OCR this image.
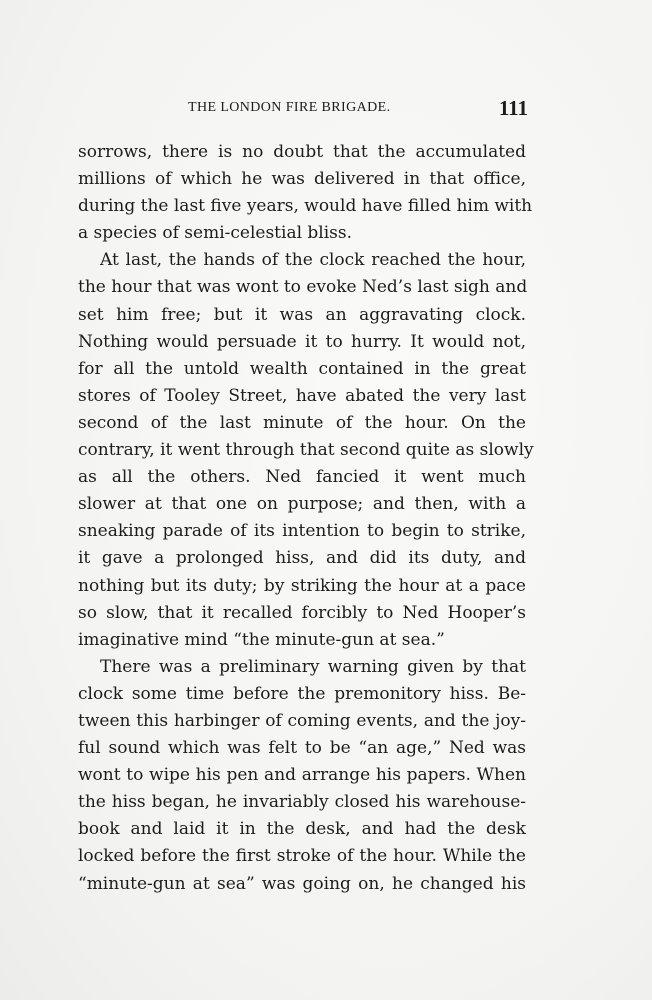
THE LONDON FIRE BRIGADE.	111
sorrows, there is no doubt that the accumulated
millions of which he was delivered in that office,
during the last five years, would have filled him with
a species of semi-celestial bliss.
At last, the hands of the clock reached the hour,
the hour that was wont to evoke Ned’s last sigh and
set him free; but it was an aggravating clock.
Nothing would persuade it to hurry. It would not,
for all the untold wealth contained in the great
stores of Tooley Street, have abated the very last
second of the last minute of the hour. On the
contrary, it went through that second quite as slowly
as all the others. Ned fancied it went much
slower at that one on purpose; and then, with a
sneaking parade of its intention to begin to strike,
it gave a prolonged hiss, and did its duty, and
nothing but its duty; by striking the hour at a pace
so slow, that it recalled forcibly to Ned Hooper’s
imaginative mind “the minute-gun at sea.”
There was a preliminary warning given by that
clock some time before the premonitory hiss. Be-
tween this harbinger of coming events, and the joy-
ful sound which was felt to be “an age,” Ned was
wont to wipe his pen and arrange his papers. When
the hiss began, he invariably closed his warehouse-
book and laid it in the desk, and had the desk
locked before the first stroke of the hour. While the
“minute-gun at sea” was going on, he changed his
